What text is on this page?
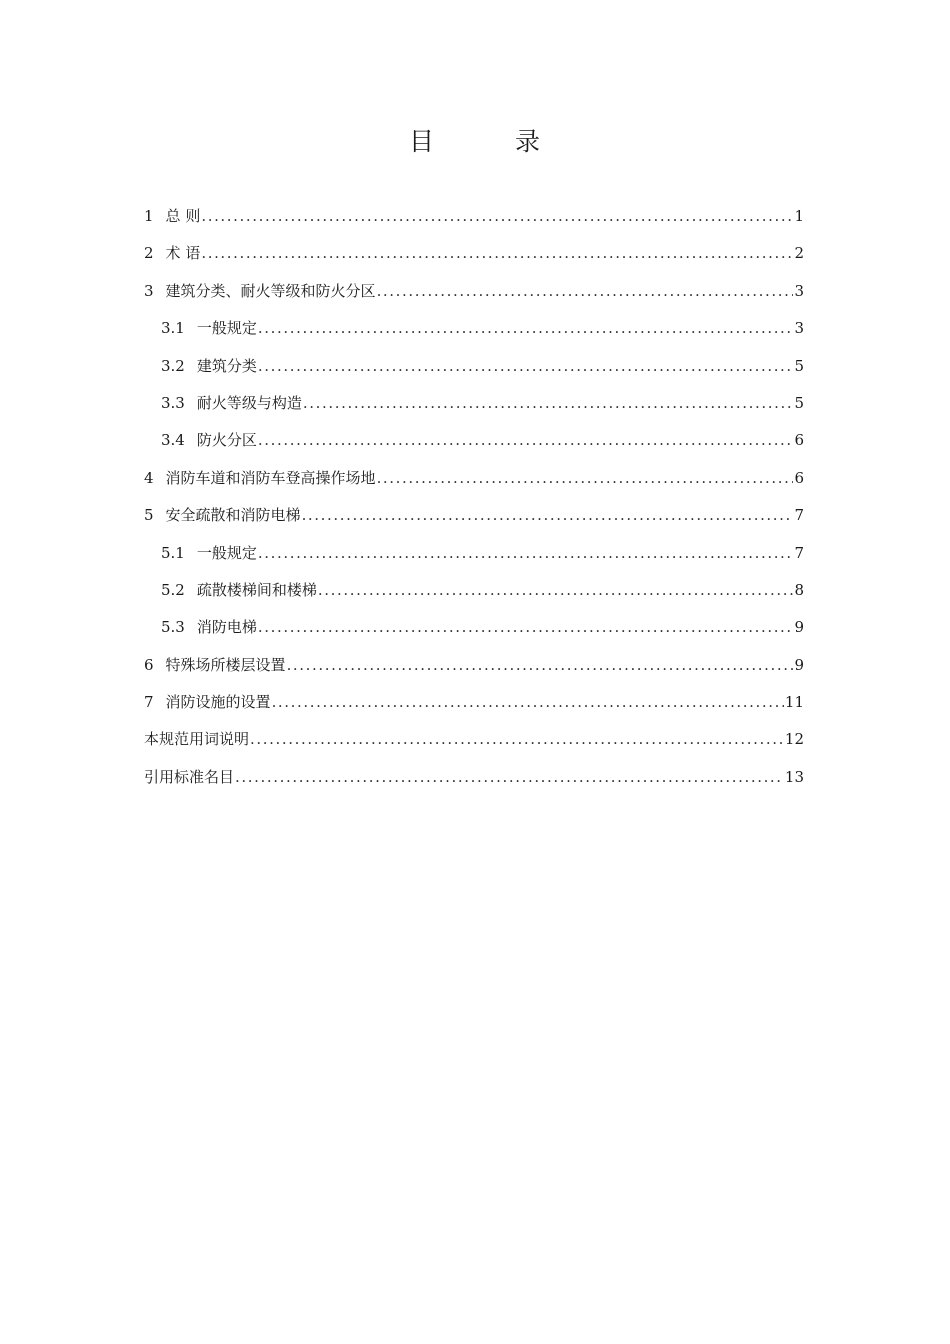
目	录
1 总 则 .....	1
2 术 语 .....	2
3 建筑分类、耐火等级和防火分区 .....	3
3.1 一般规定 .....	3
3.2 建筑分类 .....	5
3.3 耐火等级与构造 .....	5
3.4 防火分区 .....	6
4 消防车道和消防车登高操作场地 .....	6
5 安全疏散和消防电梯 .....	7
5.1 一般规定 .....	7
5.2 疏散楼梯间和楼梯 .....	8
5.3 消防电梯 .....	9
6 特殊场所楼层设置 .....	9
7 消防设施的设置 .....	11
本规范用词说明 .....	12
引用标准名目 .....	13
